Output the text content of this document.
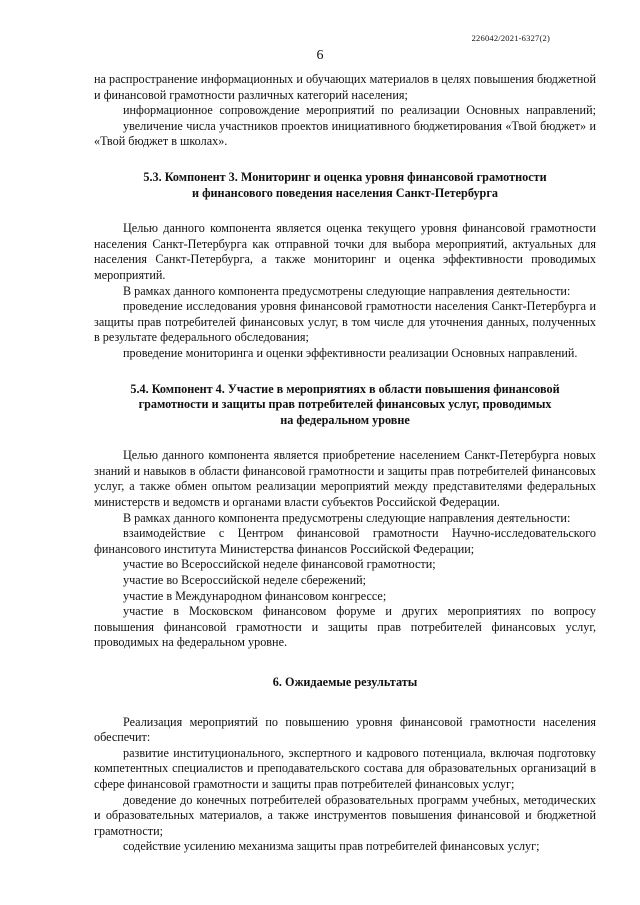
226042/2021-6327(2)
6

на распространение информационных и обучающих материалов в целях повышения бюджетной и финансовой грамотности различных категорий населения;

информационное сопровождение мероприятий по реализации Основных направлений;

увеличение числа участников проектов инициативного бюджетирования «Твой бюджет» и «Твой бюджет в школах».

5.3. Компонент 3. Мониторинг и оценка уровня финансовой грамотности
и финансового поведения населения Санкт-Петербурга

Целью данного компонента является оценка текущего уровня финансовой грамотности населения Санкт-Петербурга как отправной точки для выбора мероприятий, актуальных для населения Санкт-Петербурга, а также мониторинг и оценка эффективности проводимых мероприятий.

В рамках данного компонента предусмотрены следующие направления деятельности:

проведение исследования уровня финансовой грамотности населения Санкт-Петербурга и защиты прав потребителей финансовых услуг, в том числе для уточнения данных, полученных в результате федерального обследования;

проведение мониторинга и оценки эффективности реализации Основных направлений.

5.4. Компонент 4. Участие в мероприятиях в области повышения финансовой
грамотности и защиты прав потребителей финансовых услуг, проводимых
на федеральном уровне

Целью данного компонента является приобретение населением Санкт-Петербурга новых знаний и навыков в области финансовой грамотности и защиты прав потребителей финансовых услуг, а также обмен опытом реализации мероприятий между представителями федеральных министерств и ведомств и органами власти субъектов Российской Федерации.

В рамках данного компонента предусмотрены следующие направления деятельности:

взаимодействие с Центром финансовой грамотности Научно-исследовательского финансового института Министерства финансов Российской Федерации;

участие во Всероссийской неделе финансовой грамотности;

участие во Всероссийской неделе сбережений;

участие в Международном финансовом конгрессе;

участие в Московском финансовом форуме и других мероприятиях по вопросу повышения финансовой грамотности и защиты прав потребителей финансовых услуг, проводимых на федеральном уровне.

6. Ожидаемые результаты

Реализация мероприятий по повышению уровня финансовой грамотности населения обеспечит:

развитие институционального, экспертного и кадрового потенциала, включая подготовку компетентных специалистов и преподавательского состава для образовательных организаций в сфере финансовой грамотности и защиты прав потребителей финансовых услуг;

доведение до конечных потребителей образовательных программ учебных, методических и образовательных материалов, а также инструментов повышения финансовой и бюджетной грамотности;

содействие усилению механизма защиты прав потребителей финансовых услуг;
